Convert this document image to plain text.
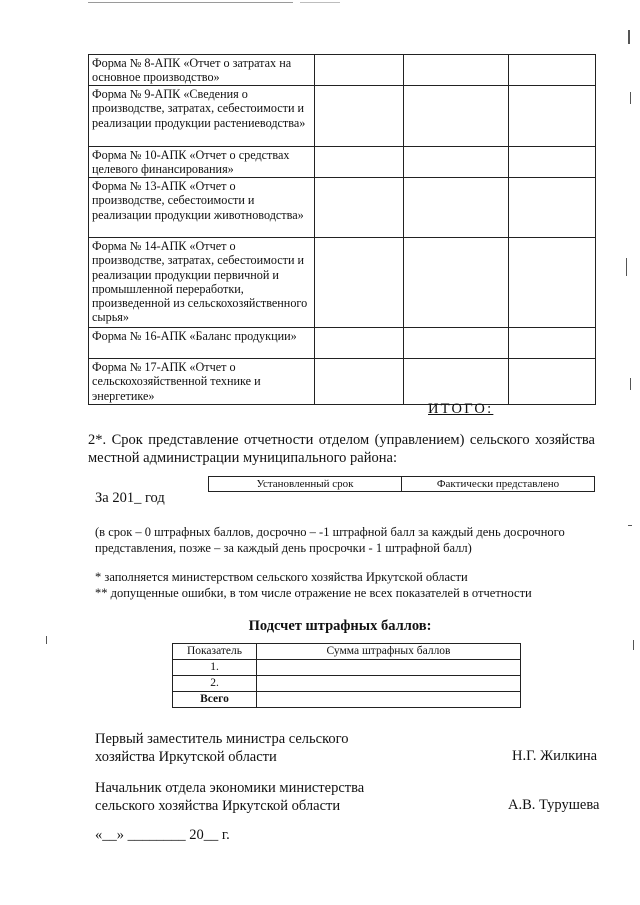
Форма № 8-АПК «Отчет о затратах на основное производство»			
Форма № 9-АПК «Сведения о производстве, затратах, себестоимости и реализации продукции растениеводства»			
Форма № 10-АПК «Отчет о средствах целевого финансирования»			
Форма № 13-АПК «Отчет о производстве, себестоимости и реализации продукции животноводства»			
Форма № 14-АПК «Отчет о производстве, затратах, себестоимости и реализации продукции первичной и промышленной переработки, произведенной из сельскохозяйственного сырья»			
Форма № 16-АПК «Баланс продукции»			
Форма № 17-АПК «Отчет о сельскохозяйственной технике и энергетике»			
ИТОГО:
2*. Срок представление отчетности отделом (управлением) сельского хозяйства местной администрации муниципального района:
Установленный срок	Фактически представлено
За 201_ год
(в срок – 0 штрафных баллов, досрочно – -1 штрафной балл за каждый день досрочного представления, позже – за каждый день просрочки - 1 штрафной балл)
* заполняется министерством сельского хозяйства Иркутской области
** допущенные ошибки, в том числе отражение не всех показателей в отчетности
Подсчет штрафных баллов:
Показатель	Сумма штрафных баллов
1.	
2.	
Всего	
Первый заместитель министра сельского
хозяйства Иркутской области	Н.Г. Жилкина
Начальник отдела экономики министерства
сельского хозяйства Иркутской области	А.В. Турушева
«__» ________ 20__ г.
